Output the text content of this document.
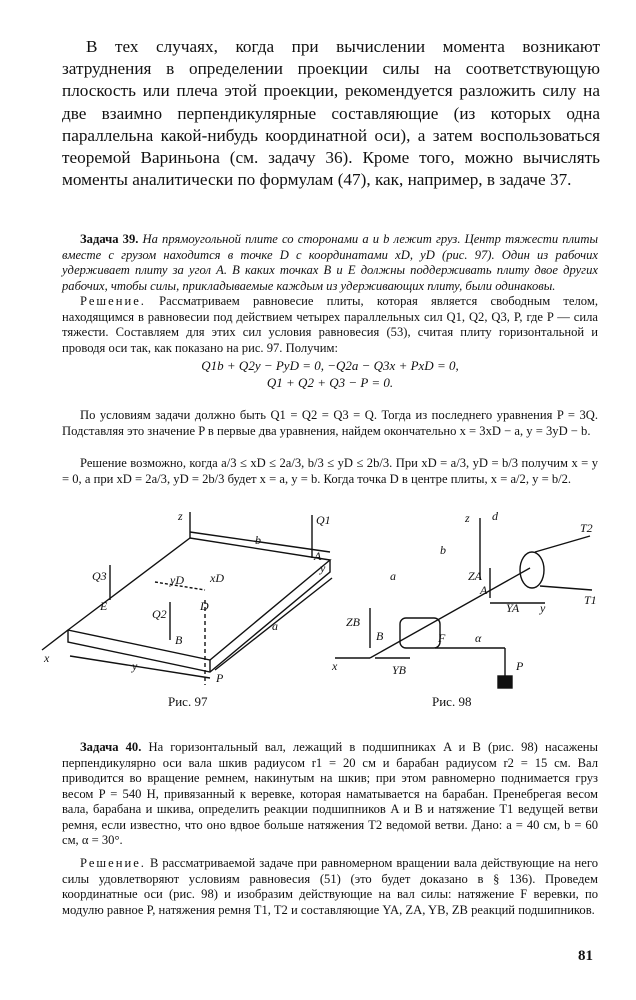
В тех случаях, когда при вычислении момента возникают затруднения в определении проекции силы на соответствующую плоскость или плеча этой проекции, рекомендуется разложить силу на две взаимно перпендикулярные составляющие (из которых одна параллельна какой-нибудь координатной оси), а затем воспользоваться теоремой Вариньона (см. задачу 36). Кроме того, можно вычислять моменты аналитически по формулам (47), как, например, в задаче 37.

Задача 39. На прямоугольной плите со сторонами a и b лежит груз. Центр тяжести плиты вместе с грузом находится в точке D с координатами xD, yD (рис. 97). Один из рабочих удерживает плиту за угол A. В каких точках B и E должны поддерживать плиту двое других рабочих, чтобы силы, прикладываемые каждым из удерживающих плиту, были одинаковы.

Решение. Рассматриваем равновесие плиты, которая является свободным телом, находящимся в равновесии под действием четырех параллельных сил Q1, Q2, Q3, P, где P — сила тяжести. Составляем для этих сил условия равновесия (53), считая плиту горизонтальной и проводя оси так, как показано на рис. 97. Получим:

Q1b + Q2y − PyD = 0, −Q2a − Q3x + PxD = 0,

Q1 + Q2 + Q3 − P = 0.

По условиям задачи должно быть Q1 = Q2 = Q3 = Q. Тогда из последнего уравнения P = 3Q. Подставляя это значение P в первые два уравнения, найдем окончательно x = 3xD − a, y = 3yD − b.

Решение возможно, когда a/3 ≤ xD ≤ 2a/3, b/3 ≤ yD ≤ 2b/3. При xD = a/3, yD = b/3 получим x = y = 0, а при xD = 2a/3, yD = 2b/3 будет x = a, y = b. Когда точка D в центре плиты, x = a/2, y = b/2.

z	Q1
Q3
Q2
b
a
x
y
yD xD
y
A
B
D
E
P
Рис. 97
z
a
b
d
T2
T1
ZA
A
YA y
ZB
B	F α
x	YB	P
Рис. 98

Задача 40. На горизонтальный вал, лежащий в подшипниках A и B (рис. 98) насажены перпендикулярно оси вала шкив радиусом r1 = 20 см и барабан радиусом r2 = 15 см. Вал приводится во вращение ремнем, накинутым на шкив; при этом равномерно поднимается груз весом P = 540 Н, привязанный к веревке, которая наматывается на барабан. Пренебрегая весом вала, барабана и шкива, определить реакции подшипников A и B и натяжение T1 ведущей ветви ремня, если известно, что оно вдвое больше натяжения T2 ведомой ветви. Дано: a = 40 см, b = 60 см, α = 30°.

Решение. В рассматриваемой задаче при равномерном вращении вала действующие на него силы удовлетворяют условиям равновесия (51) (это будет доказано в § 136). Проведем координатные оси (рис. 98) и изобразим действующие на вал силы: натяжение F веревки, по модулю равное P, натяжения ремня T1, T2 и составляющие YA, ZA, YB, ZB реакций подшипников.

81
